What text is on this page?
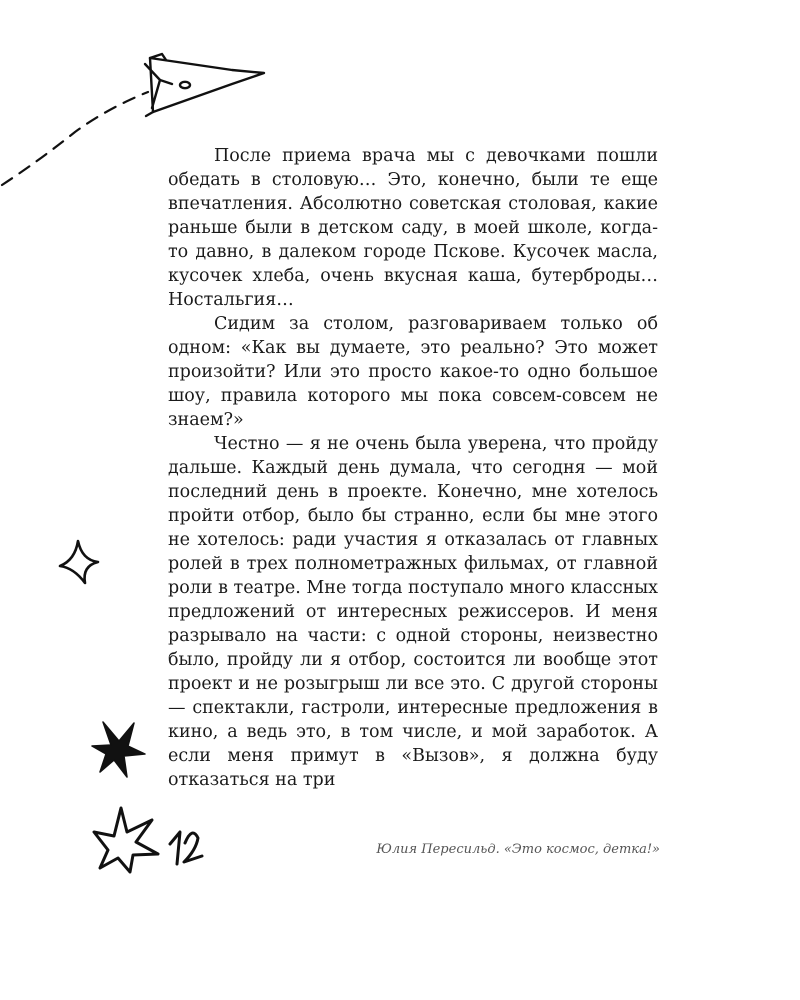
После приема врача мы с девочками пошли обедать в столовую… Это, конечно, были те еще впечатления. Абсолютно советская столовая, какие раньше были в детском саду, в моей школе, когда-то давно, в далеком городе Пскове. Кусочек масла, кусочек хлеба, очень вкусная каша, бутерброды… Ностальгия…

Сидим за столом, разговариваем только об одном: «Как вы думаете, это реально? Это может произойти? Или это просто какое-то одно большое шоу, правила которого мы пока совсем-совсем не знаем?»

Честно — я не очень была уверена, что пройду дальше. Каждый день думала, что сегодня — мой последний день в проекте. Конечно, мне хотелось пройти отбор, было бы странно, если бы мне этого не хотелось: ради участия я отказалась от главных ролей в трех полнометражных фильмах, от главной роли в театре. Мне тогда поступало много классных предложений от интересных режиссеров. И меня разрывало на части: с одной стороны, неизвестно было, пройду ли я отбор, состоится ли вообще этот проект и не розыгрыш ли все это. С другой стороны — спектакли, гастроли, интересные предложения в кино, а ведь это, в том числе, и мой заработок. А если меня примут в «Вызов», я должна буду отказаться на три

Юлия Пересильд. «Это космос, детка!»
